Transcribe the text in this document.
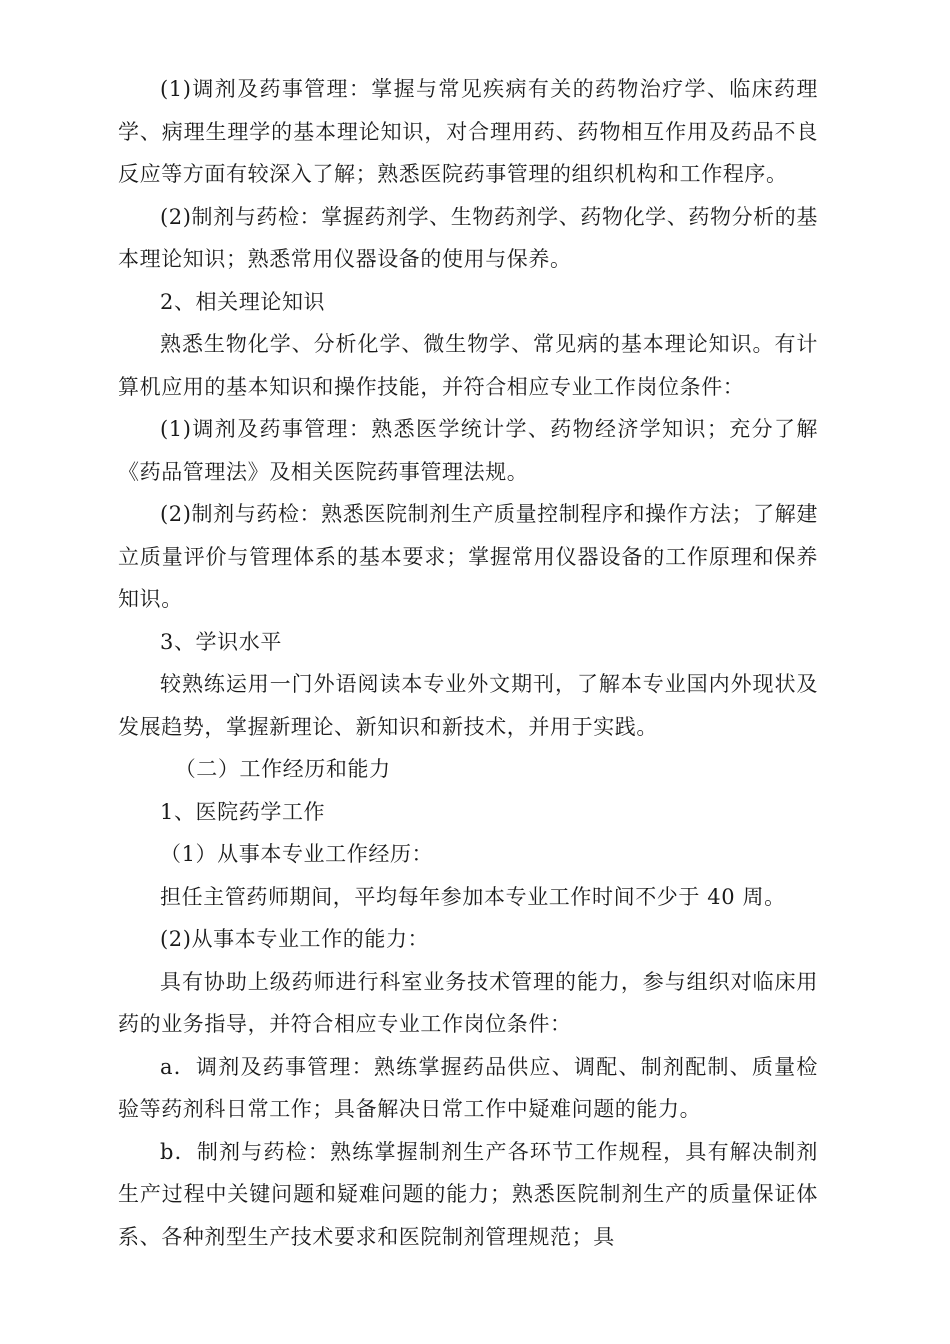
(1)调剂及药事管理：掌握与常见疾病有关的药物治疗学、临床药理学、病理生理学的基本理论知识，对合理用药、药物相互作用及药品不良反应等方面有较深入了解；熟悉医院药事管理的组织机构和工作程序。

(2)制剂与药检：掌握药剂学、生物药剂学、药物化学、药物分析的基本理论知识；熟悉常用仪器设备的使用与保养。

2、相关理论知识

熟悉生物化学、分析化学、微生物学、常见病的基本理论知识。有计算机应用的基本知识和操作技能，并符合相应专业工作岗位条件：

(1)调剂及药事管理：熟悉医学统计学、药物经济学知识；充分了解《药品管理法》及相关医院药事管理法规。

(2)制剂与药检：熟悉医院制剂生产质量控制程序和操作方法；了解建立质量评价与管理体系的基本要求；掌握常用仪器设备的工作原理和保养知识。

3、学识水平

较熟练运用一门外语阅读本专业外文期刊，了解本专业国内外现状及发展趋势，掌握新理论、新知识和新技术，并用于实践。

（二）工作经历和能力

1、医院药学工作

（1）从事本专业工作经历：

担任主管药师期间，平均每年参加本专业工作时间不少于 40 周。

(2)从事本专业工作的能力：

具有协助上级药师进行科室业务技术管理的能力，参与组织对临床用药的业务指导，并符合相应专业工作岗位条件：

a．调剂及药事管理：熟练掌握药品供应、调配、制剂配制、质量检验等药剂科日常工作；具备解决日常工作中疑难问题的能力。

b．制剂与药检：熟练掌握制剂生产各环节工作规程，具有解决制剂生产过程中关键问题和疑难问题的能力；熟悉医院制剂生产的质量保证体系、各种剂型生产技术要求和医院制剂管理规范；具
